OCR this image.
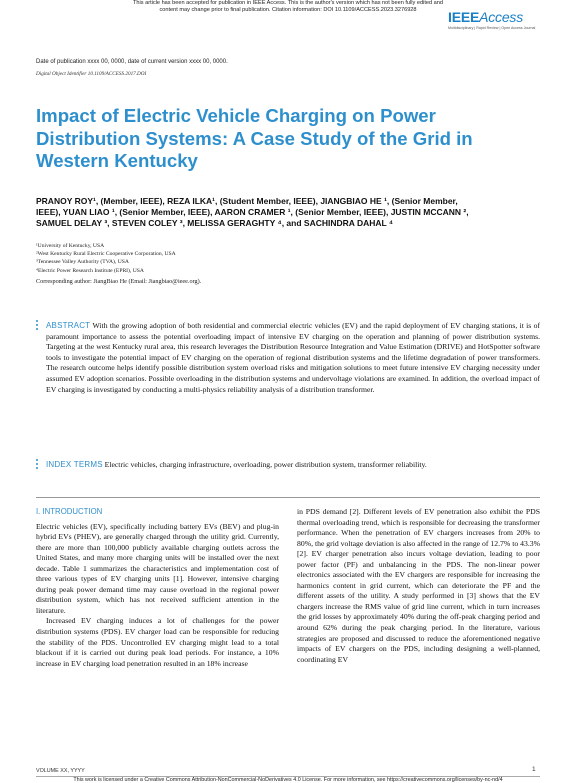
This article has been accepted for publication in IEEE Access. This is the author's version which has not been fully edited and
content may change prior to final publication. Citation information: DOI 10.1109/ACCESS.2023.3276928	IEEEAccess
Multidisciplinary | Rapid Review | Open Access Journal
Date of publication xxxx 00, 0000, date of current version xxxx 00, 0000.
Digital Object Identifier 10.1109/ACCESS.2017.DOI
Impact of Electric Vehicle Charging on Power Distribution Systems: A Case Study of the Grid in Western Kentucky
PRANOY ROY¹, (Member, IEEE), REZA ILKA¹, (Student Member, IEEE), JIANGBIAO HE ¹, (Senior Member, IEEE), YUAN LIAO ¹, (Senior Member, IEEE), AARON CRAMER ¹, (Senior Member, IEEE), JUSTIN MCCANN ², SAMUEL DELAY ³, STEVEN COLEY ³, MELISSA GERAGHTY ⁴, and SACHINDRA DAHAL ⁴
¹University of Kentucky, USA
²West Kentucky Rural Electric Cooperative Corporation, USA
³Tennessee Valley Authority (TVA), USA
⁴Electric Power Research Institute (EPRI), USA
Corresponding author: JiangBiao He (Email: Jiangbiao@ieee.org).
ABSTRACT With the growing adoption of both residential and commercial electric vehicles (EV) and the rapid deployment of EV charging stations, it is of paramount importance to assess the potential overloading impact of intensive EV charging on the operation and planning of power distribution systems. Targeting at the west Kentucky rural area, this research leverages the Distribution Resource Integration and Value Estimation (DRIVE) and HotSpotter software tools to investigate the potential impact of EV charging on the operation of regional distribution systems and the lifetime degradation of power transformers. The research outcome helps identify possible distribution system overload risks and mitigation solutions to meet future intensive EV charging necessity under assumed EV adoption scenarios. Possible overloading in the distribution systems and undervoltage violations are examined. In addition, the overload impact of EV charging is investigated by conducting a multi-physics reliability analysis of a distribution transformer.
INDEX TERMS Electric vehicles, charging infrastructure, overloading, power distribution system, transformer reliability.
I. INTRODUCTION

Electric vehicles (EV), specifically including battery EVs (BEV) and plug-in hybrid EVs (PHEV), are generally charged through the utility grid. Currently, there are more than 100,000 publicly available charging outlets across the United States, and many more charging units will be installed over the next decade. Table 1 summarizes the characteristics and implementation cost of three various types of EV charging units [1]. However, intensive charging during peak power demand time may cause overload in the regional power distribution system, which has not received sufficient attention in the literature.

Increased EV charging induces a lot of challenges for the power distribution systems (PDS). EV charger load can be responsible for reducing the stability of the PDS. Uncontrolled EV charging might lead to a total blackout if it is carried out during peak load periods. For instance, a 10% increase in EV charging load penetration resulted in an 18% increase

in PDS demand [2]. Different levels of EV penetration also exhibit the PDS thermal overloading trend, which is responsible for decreasing the transformer performance. When the penetration of EV chargers increases from 20% to 80%, the grid voltage deviation is also affected in the range of 12.7% to 43.3% [2]. EV charger penetration also incurs voltage deviation, leading to poor power factor (PF) and unbalancing in the PDS. The non-linear power electronics associated with the EV chargers are responsible for increasing the harmonics content in grid current, which can deteriorate the PF and the different assets of the utility. A study performed in [3] shows that the EV chargers increase the RMS value of grid line current, which in turn increases the grid losses by approximately 40% during the off-peak charging period and around 62% during the peak charging period. In the literature, various strategies are proposed and discussed to reduce the aforementioned negative impacts of EV chargers on the PDS, including designing a well-planned, coordinating EV

VOLUME XX, YYYY	1
This work is licensed under a Creative Commons Attribution-NonCommercial-NoDerivatives 4.0 License. For more information, see https://creativecommons.org/licenses/by-nc-nd/4
